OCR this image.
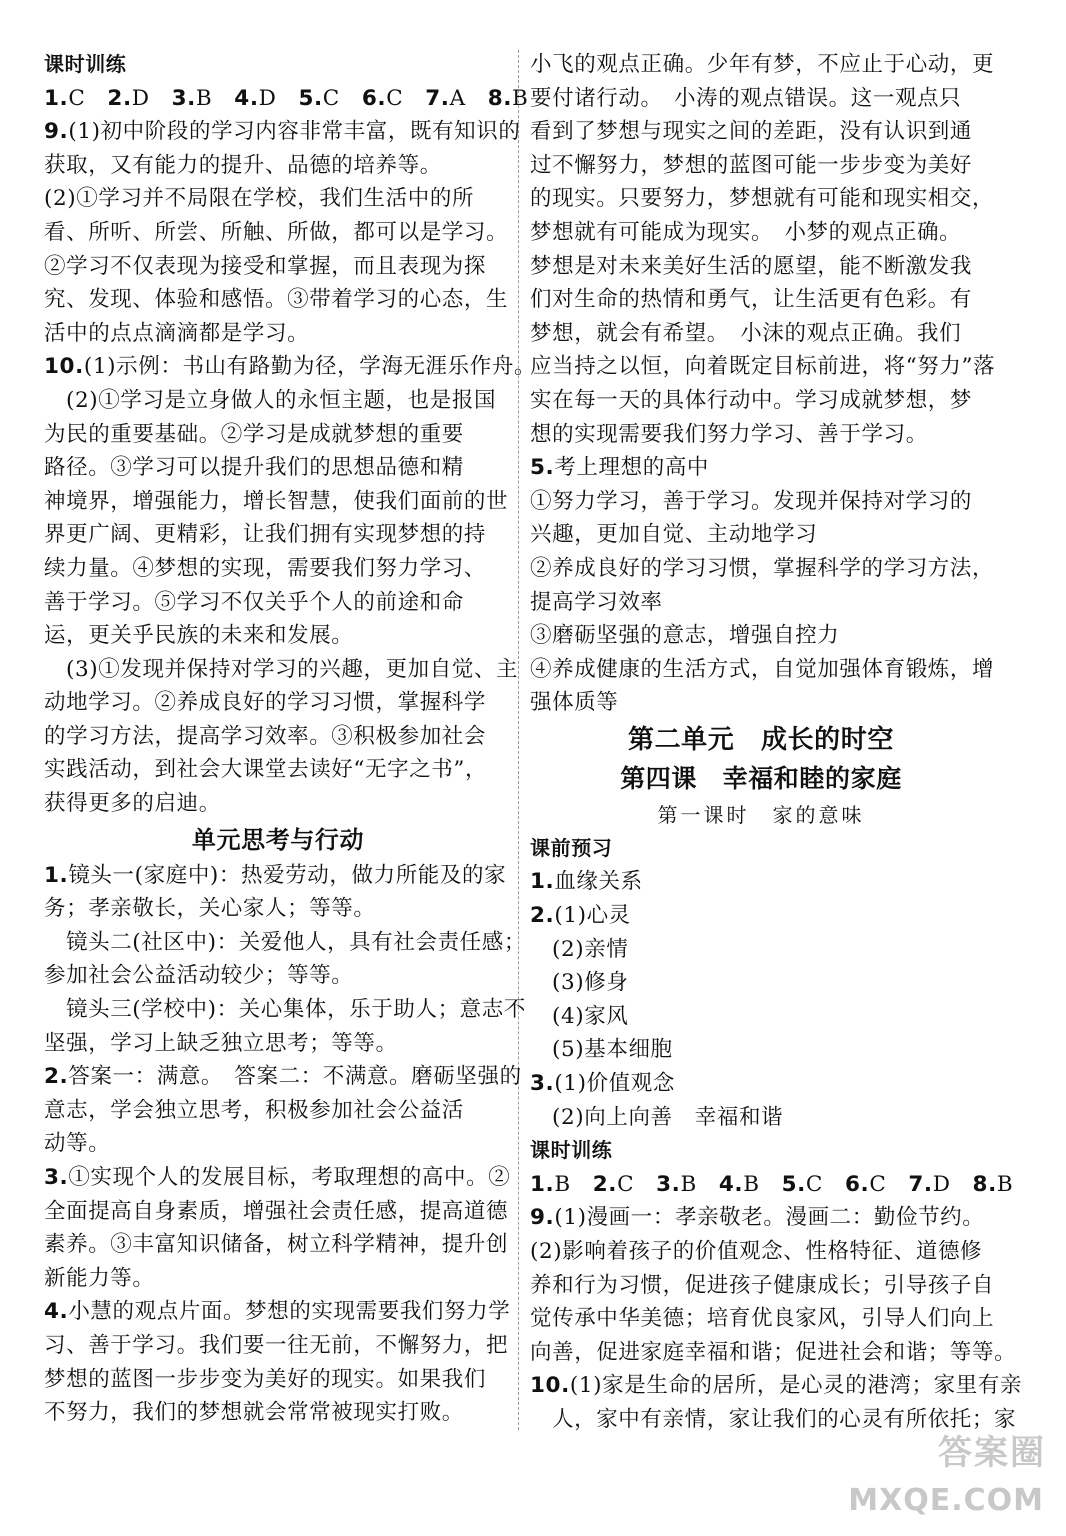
课时训练
1.C 2.D 3.B 4.D 5.C 6.C 7.A 8.B
9.(1)初中阶段的学习内容非常丰富，既有知识的
获取，又有能力的提升、品德的培养等。
(2)①学习并不局限在学校，我们生活中的所
看、所听、所尝、所触、所做，都可以是学习。
②学习不仅表现为接受和掌握，而且表现为探
究、发现、体验和感悟。③带着学习的心态，生
活中的点点滴滴都是学习。
10.(1)示例：书山有路勤为径，学海无涯乐作舟。
(2)①学习是立身做人的永恒主题，也是报国
为民的重要基础。②学习是成就梦想的重要
路径。③学习可以提升我们的思想品德和精
神境界，增强能力，增长智慧，使我们面前的世
界更广阔、更精彩，让我们拥有实现梦想的持
续力量。④梦想的实现，需要我们努力学习、
善于学习。⑤学习不仅关乎个人的前途和命
运，更关乎民族的未来和发展。
(3)①发现并保持对学习的兴趣，更加自觉、主
动地学习。②养成良好的学习习惯，掌握科学
的学习方法，提高学习效率。③积极参加社会
实践活动，到社会大课堂去读好“无字之书”，
获得更多的启迪。
单元思考与行动
1.镜头一(家庭中)：热爱劳动，做力所能及的家
务；孝亲敬长，关心家人；等等。
镜头二(社区中)：关爱他人，具有社会责任感；
参加社会公益活动较少；等等。
镜头三(学校中)：关心集体，乐于助人；意志不
坚强，学习上缺乏独立思考；等等。
2.答案一：满意。　答案二：不满意。磨砺坚强的
意志，学会独立思考，积极参加社会公益活
动等。
3.①实现个人的发展目标，考取理想的高中。②
全面提高自身素质，增强社会责任感，提高道德
素养。③丰富知识储备，树立科学精神，提升创
新能力等。
4.小慧的观点片面。梦想的实现需要我们努力学
习、善于学习。我们要一往无前，不懈努力，把
梦想的蓝图一步步变为美好的现实。如果我们
不努力，我们的梦想就会常常被现实打败。
小飞的观点正确。少年有梦，不应止于心动，更
要付诸行动。　小涛的观点错误。这一观点只
看到了梦想与现实之间的差距，没有认识到通
过不懈努力，梦想的蓝图可能一步步变为美好
的现实。只要努力，梦想就有可能和现实相交，
梦想就有可能成为现实。　小梦的观点正确。
梦想是对未来美好生活的愿望，能不断激发我
们对生命的热情和勇气，让生活更有色彩。有
梦想，就会有希望。　小沫的观点正确。我们
应当持之以恒，向着既定目标前进，将“努力”落
实在每一天的具体行动中。学习成就梦想，梦
想的实现需要我们努力学习、善于学习。
5.考上理想的高中
①努力学习，善于学习。发现并保持对学习的
兴趣，更加自觉、主动地学习
②养成良好的学习习惯，掌握科学的学习方法，
提高学习效率
③磨砺坚强的意志，增强自控力
④养成健康的生活方式，自觉加强体育锻炼，增
强体质等
第二单元　成长的时空
第四课　幸福和睦的家庭
第一课时　家的意味
课前预习
1.血缘关系
2.(1)心灵
(2)亲情
(3)修身
(4)家风
(5)基本细胞
3.(1)价值观念
(2)向上向善　幸福和谐
课时训练
1.B 2.C 3.B 4.B 5.C 6.C 7.D 8.B
9.(1)漫画一：孝亲敬老。漫画二：勤俭节约。
(2)影响着孩子的价值观念、性格特征、道德修
养和行为习惯，促进孩子健康成长；引导孩子自
觉传承中华美德；培育优良家风，引导人们向上
向善，促进家庭幸福和谐；促进社会和谐；等等。
10.(1)家是生命的居所，是心灵的港湾；家里有亲
人，家中有亲情，家让我们的心灵有所依托；家
答案圈
MXQE.COM
